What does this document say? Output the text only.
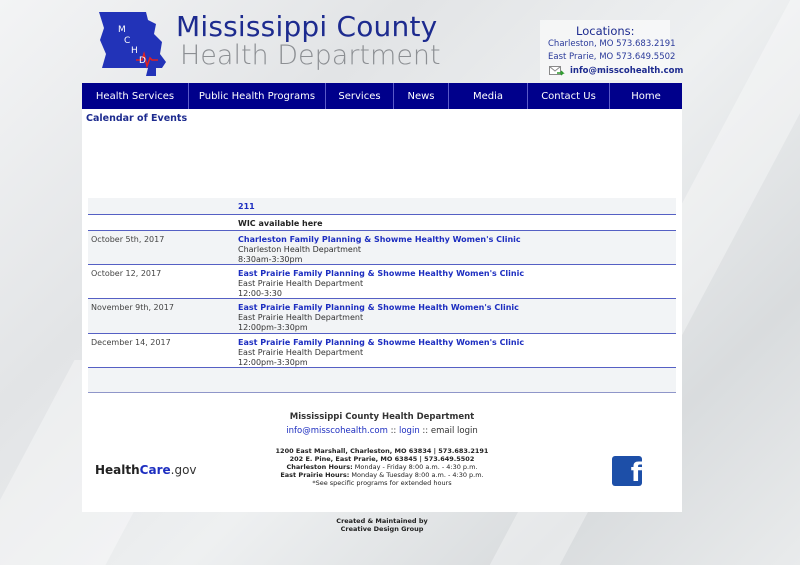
M
C
H
D
Mississippi County
Health Department
Locations:
Charleston, MO 573.683.2191
East Prarie, MO 573.649.5502
info@misscohealth.com
Health Services	Public Health Programs	Services	News	Media	Contact Us	Home
Calendar of Events
211
WIC available here
October 5th, 2017	Charleston Family Planning & Showme Healthy Women's Clinic
Charleston Health Department
8:30am-3:30pm
October 12, 2017	East Prairie Family Planning & Showme Healthy Women's Clinic
East Prairie Health Department
12:00-3:30
November 9th, 2017	East Prairie Family Planning & Showme Health Women's Clinic
East Prairie Health Department
12:00pm-3:30pm
December 14, 2017	East Prairie Family Planning & Showme Healthy Women's Clinic
East Prairie Health Department
12:00pm-3:30pm
Mississippi County Health Department
info@misscohealth.com :: login :: email login
1200 East Marshall, Charleston, MO 63834 | 573.683.2191
202 E. Pine, East Prarie, MO 63845 | 573.649.5502
Charleston Hours: Monday - Friday 8:00 a.m. - 4:30 p.m.
East Prairie Hours: Monday & Tuesday 8:00 a.m. - 4:30 p.m.
*See specific programs for extended hours
HealthCare.gov	f
Created & Maintained by
Creative Design Group
